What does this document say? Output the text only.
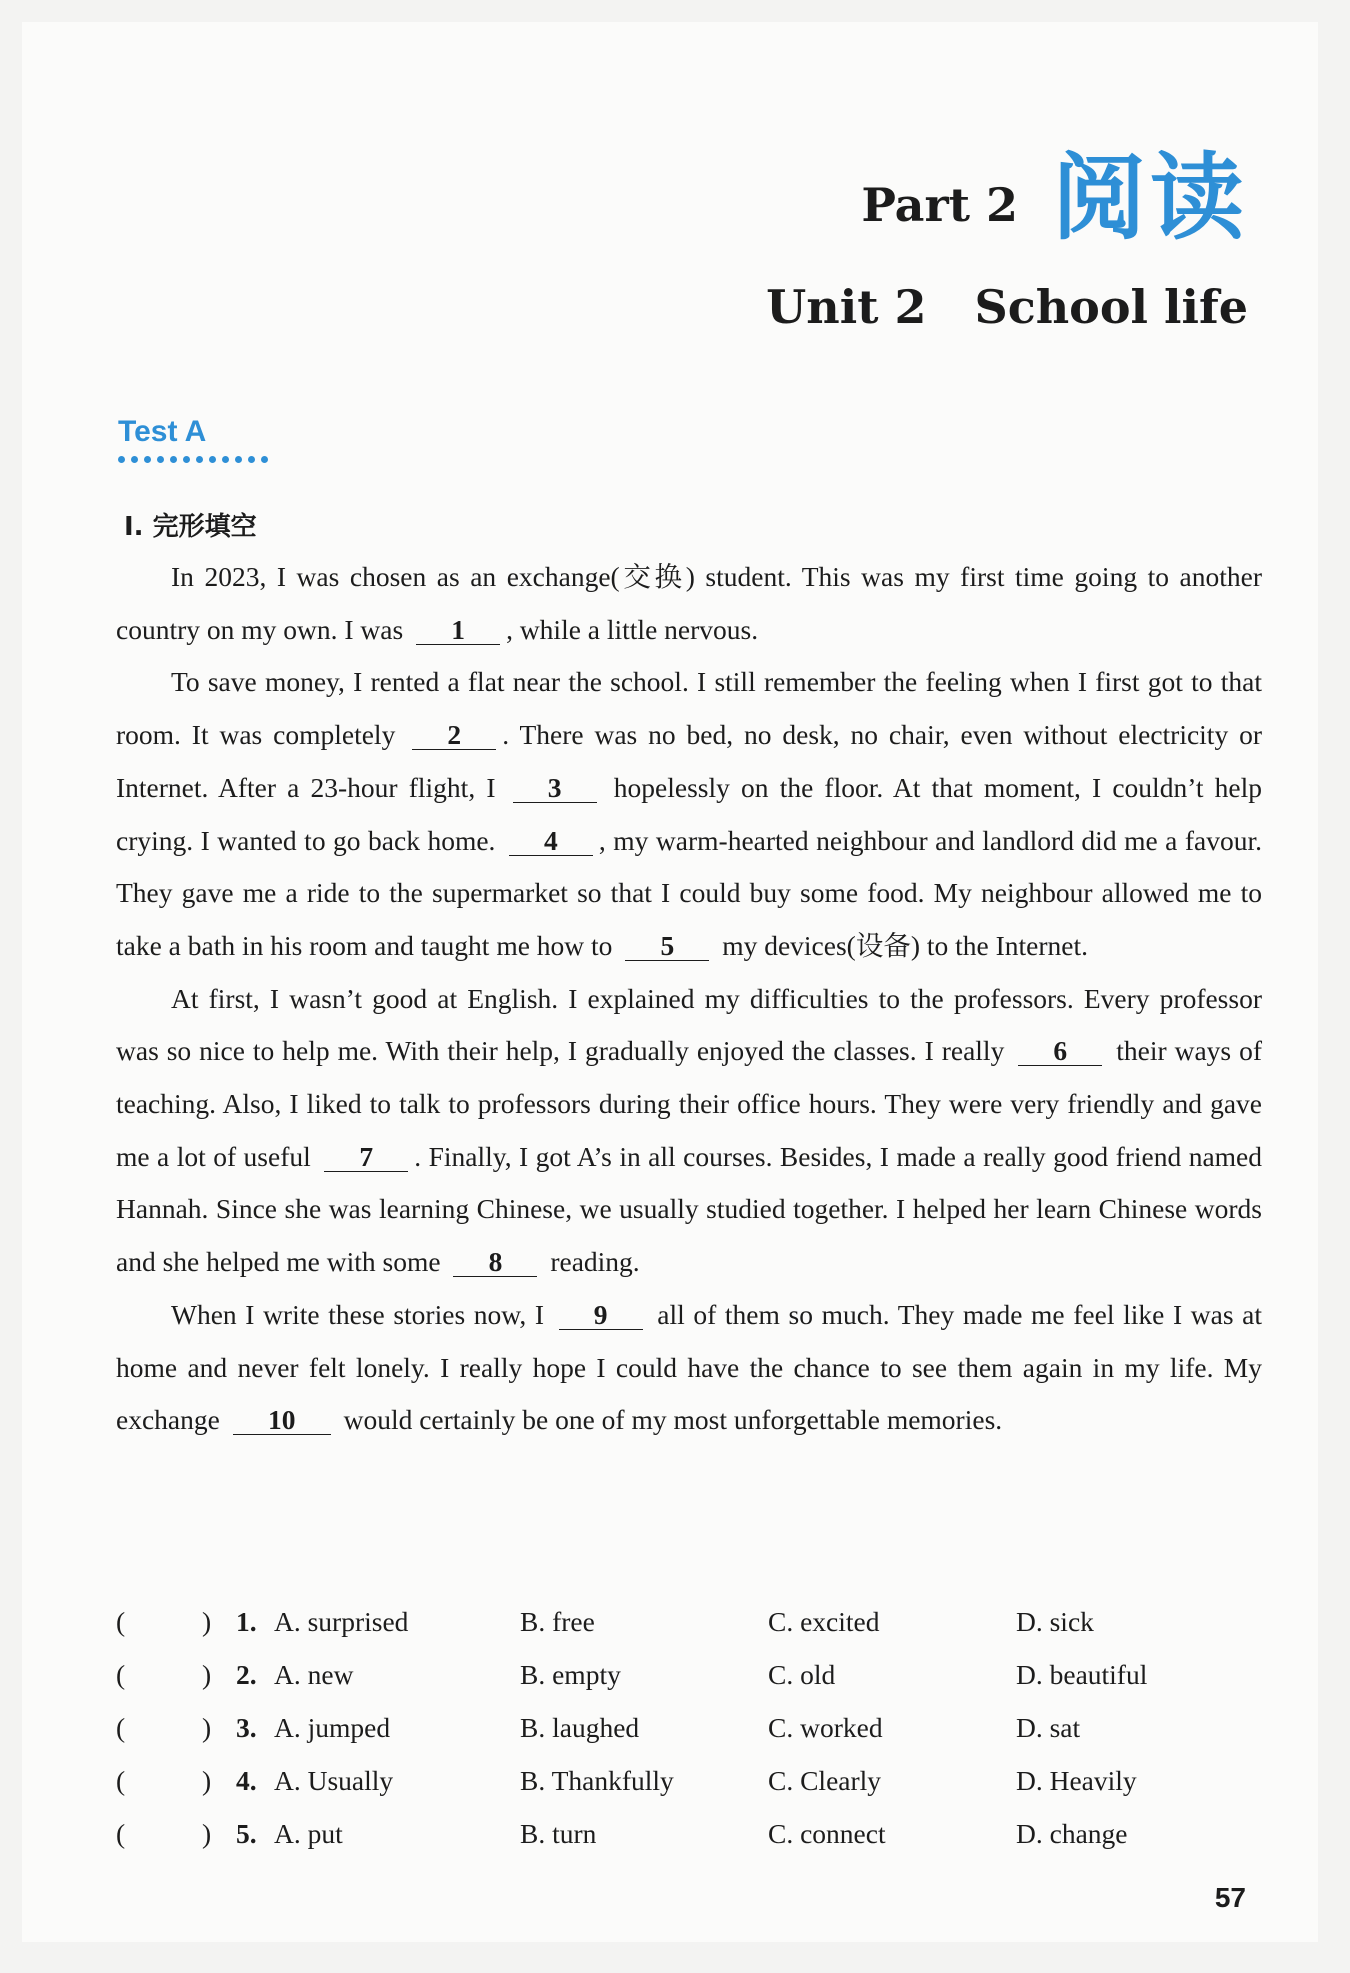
Part 2 阅读
Unit 2 School life
Test A
Ⅰ. 完形填空

In 2023, I was chosen as an exchange(交换) student. This was my first time going to another country on my own. I was 1 , while a little nervous.

To save money, I rented a flat near the school. I still remember the feeling when I first got to that room. It was completely 2 . There was no bed, no desk, no chair, even without electricity or Internet. After a 23-hour flight, I 3 hopelessly on the floor. At that moment, I couldn’t help crying. I wanted to go back home. 4 , my warm-hearted neighbour and landlord did me a favour. They gave me a ride to the supermarket so that I could buy some food. My neighbour allowed me to take a bath in his room and taught me how to 5 my devices(设备) to the Internet.

At first, I wasn’t good at English. I explained my difficulties to the professors. Every professor was so nice to help me. With their help, I gradually enjoyed the classes. I really 6 their ways of teaching. Also, I liked to talk to professors during their office hours. They were very friendly and gave me a lot of useful 7 . Finally, I got A’s in all courses. Besides, I made a really good friend named Hannah. Since she was learning Chinese, we usually studied together. I helped her learn Chinese words and she helped me with some 8 reading.

When I write these stories now, I 9 all of them so much. They made me feel like I was at home and never felt lonely. I really hope I could have the chance to see them again in my life. My exchange 10 would certainly be one of my most unforgettable memories.

(	) 1. A. surprised	B. free	C. excited	D. sick
(	) 2. A. new	B. empty	C. old	D. beautiful
(	) 3. A. jumped	B. laughed	C. worked	D. sat
(	) 4. A. Usually	B. Thankfully	C. Clearly	D. Heavily
(	) 5. A. put	B. turn	C. connect	D. change
57
